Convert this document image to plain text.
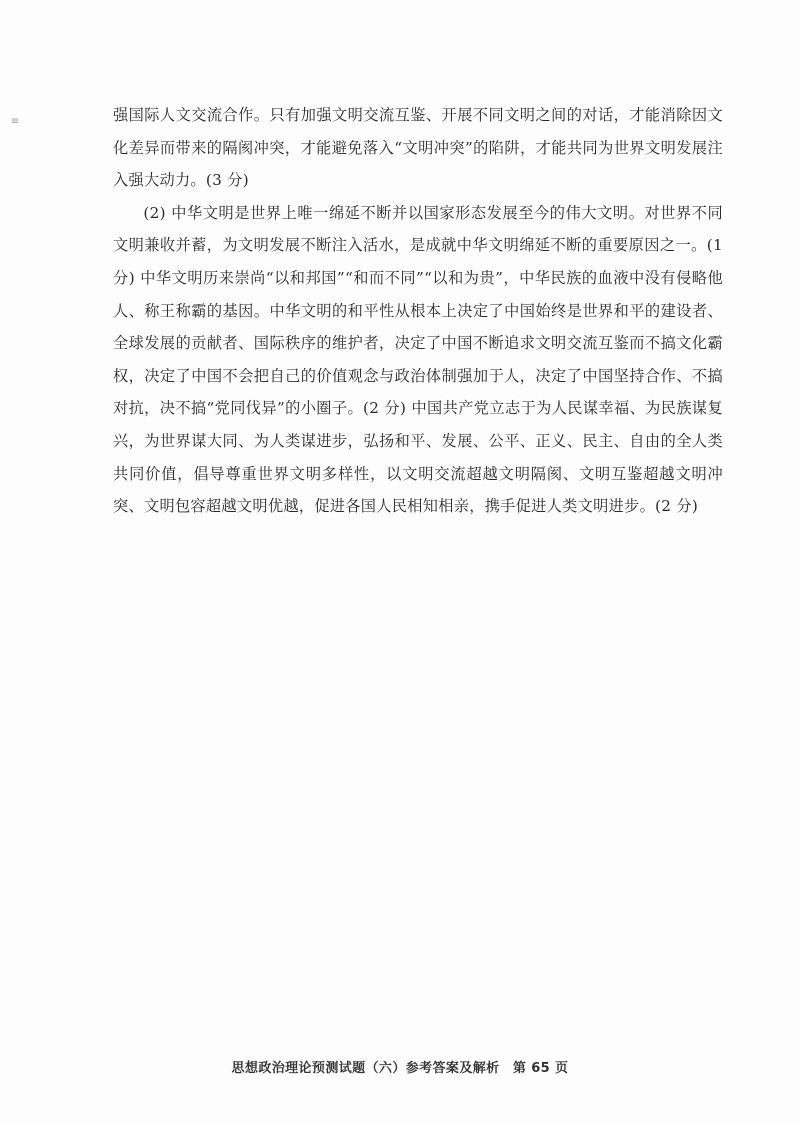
≡	强国际人文交流合作。只有加强文明交流互鉴、开展不同文明之间的对话，才能消除因文化差异而带来的隔阂冲突，才能避免落入“文明冲突”的陷阱，才能共同为世界文明发展注入强大动力。(3 分)

(2) 中华文明是世界上唯一绵延不断并以国家形态发展至今的伟大文明。对世界不同文明兼收并蓄，为文明发展不断注入活水，是成就中华文明绵延不断的重要原因之一。(1 分) 中华文明历来崇尚“以和邦国”“和而不同”“以和为贵”，中华民族的血液中没有侵略他人、称王称霸的基因。中华文明的和平性从根本上决定了中国始终是世界和平的建设者、全球发展的贡献者、国际秩序的维护者，决定了中国不断追求文明交流互鉴而不搞文化霸权，决定了中国不会把自己的价值观念与政治体制强加于人，决定了中国坚持合作、不搞对抗，决不搞“党同伐异”的小圈子。(2 分) 中国共产党立志于为人民谋幸福、为民族谋复兴，为世界谋大同、为人类谋进步，弘扬和平、发展、公平、正义、民主、自由的全人类共同价值，倡导尊重世界文明多样性，以文明交流超越文明隔阂、文明互鉴超越文明冲突、文明包容超越文明优越，促进各国人民相知相亲，携手促进人类文明进步。(2 分)

思想政治理论预测试题（六）参考答案及解析　第 65 页
